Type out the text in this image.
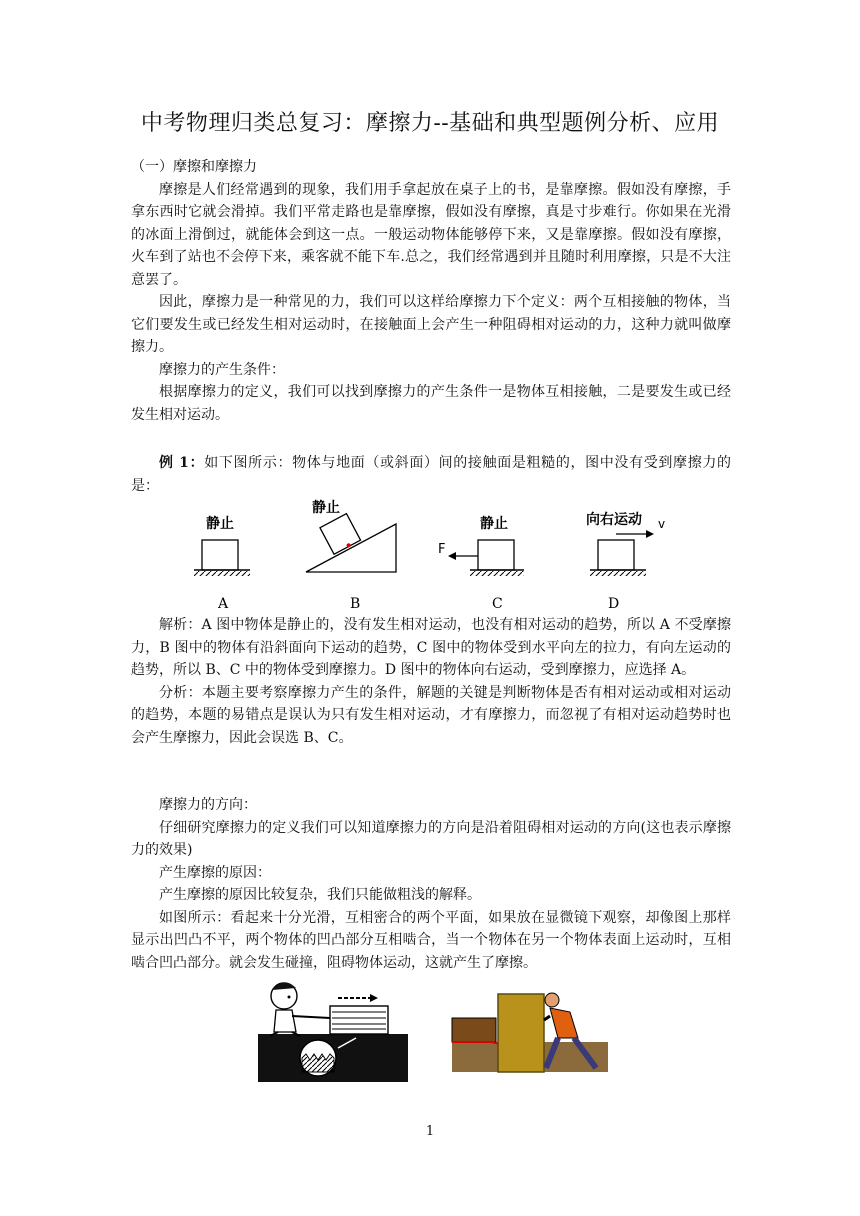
中考物理归类总复习：摩擦力--基础和典型题例分析、应用

（一）摩擦和摩擦力

摩擦是人们经常遇到的现象，我们用手拿起放在桌子上的书，是靠摩擦。假如没有摩擦，手拿东西时它就会滑掉。我们平常走路也是靠摩擦，假如没有摩擦，真是寸步难行。你如果在光滑的冰面上滑倒过，就能体会到这一点。一般运动物体能够停下来，又是靠摩擦。假如没有摩擦，火车到了站也不会停下来，乘客就不能下车.总之，我们经常遇到并且随时利用摩擦，只是不大注意罢了。

因此，摩擦力是一种常见的力，我们可以这样给摩擦力下个定义：两个互相接触的物体，当它们要发生或已经发生相对运动时，在接触面上会产生一种阻碍相对运动的力，这种力就叫做摩擦力。

摩擦力的产生条件：

根据摩擦力的定义，我们可以找到摩擦力的产生条件一是物体互相接触，二是要发生或已经发生相对运动。

例 1：如下图所示：物体与地面（或斜面）间的接触面是粗糙的，图中没有受到摩擦力的是：

静止
静止
静止
F
向右运动 v
A	B	C	D

解析：A 图中物体是静止的，没有发生相对运动，也没有相对运动的趋势，所以 A 不受摩擦力，B 图中的物体有沿斜面向下运动的趋势，C 图中的物体受到水平向左的拉力，有向左运动的趋势，所以 B、C 中的物体受到摩擦力。D 图中的物体向右运动，受到摩擦力，应选择 A。

分析：本题主要考察摩擦力产生的条件，解题的关键是判断物体是否有相对运动或相对运动的趋势，本题的易错点是误认为只有发生相对运动，才有摩擦力，而忽视了有相对运动趋势时也会产生摩擦力，因此会误选 B、C。

摩擦力的方向：

仔细研究摩擦力的定义我们可以知道摩擦力的方向是沿着阻碍相对运动的方向(这也表示摩擦力的效果)

产生摩擦的原因：

产生摩擦的原因比较复杂，我们只能做粗浅的解释。

如图所示：看起来十分光滑，互相密合的两个平面，如果放在显微镜下观察，却像图上那样显示出凹凸不平，两个物体的凹凸部分互相啮合，当一个物体在另一个物体表面上运动时，互相啮合凹凸部分。就会发生碰撞，阻碍物体运动，这就产生了摩擦。

1
